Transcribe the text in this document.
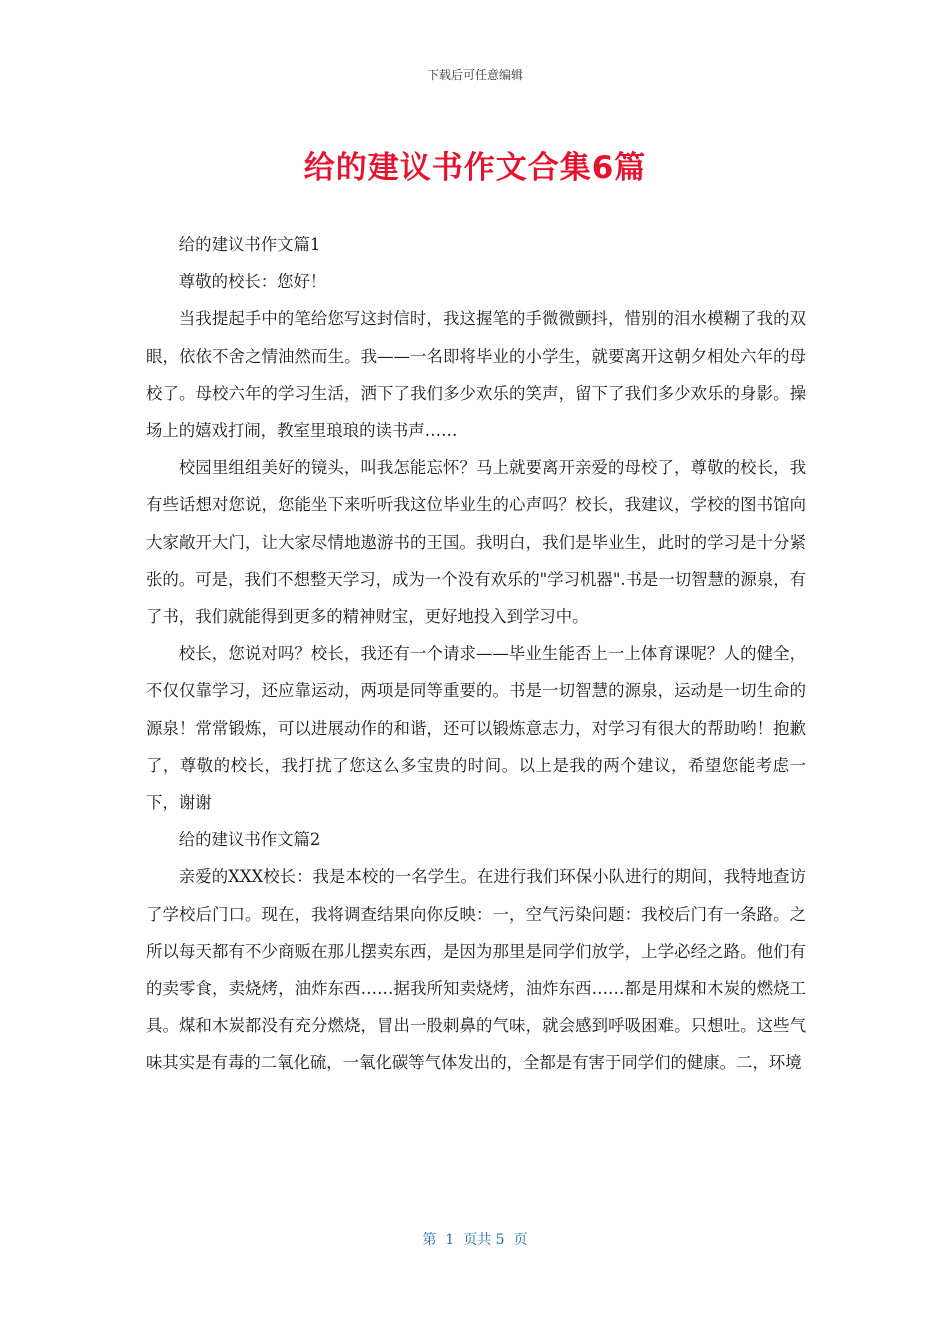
下载后可任意编辑
给的建议书作文合集6篇

给的建议书作文篇1

尊敬的校长：您好！

当我提起手中的笔给您写这封信时，我这握笔的手微微颤抖，惜别的泪水模糊了我的双眼，依依不舍之情油然而生。我——一名即将毕业的小学生，就要离开这朝夕相处六年的母校了。母校六年的学习生活，洒下了我们多少欢乐的笑声，留下了我们多少欢乐的身影。操场上的嬉戏打闹，教室里琅琅的读书声……

校园里组组美好的镜头，叫我怎能忘怀？马上就要离开亲爱的母校了，尊敬的校长，我有些话想对您说，您能坐下来听听我这位毕业生的心声吗？校长，我建议，学校的图书馆向大家敞开大门，让大家尽情地遨游书的王国。我明白，我们是毕业生，此时的学习是十分紧张的。可是，我们不想整天学习，成为一个没有欢乐的"学习机器".书是一切智慧的源泉，有了书，我们就能得到更多的精神财宝，更好地投入到学习中。

校长，您说对吗？校长，我还有一个请求——毕业生能否上一上体育课呢？人的健全，不仅仅靠学习，还应靠运动，两项是同等重要的。书是一切智慧的源泉，运动是一切生命的源泉！常常锻炼，可以进展动作的和谐，还可以锻炼意志力，对学习有很大的帮助哟！抱歉了，尊敬的校长，我打扰了您这么多宝贵的时间。以上是我的两个建议，希望您能考虑一下，谢谢

给的建议书作文篇2

亲爱的XXX校长：我是本校的一名学生。在进行我们环保小队进行的期间，我特地查访了学校后门口。现在，我将调查结果向你反映：一，空气污染问题：我校后门有一条路。之所以每天都有不少商贩在那儿摆卖东西，是因为那里是同学们放学，上学必经之路。他们有的卖零食，卖烧烤，油炸东西……据我所知卖烧烤，油炸东西……都是用煤和木炭的燃烧工具。煤和木炭都没有充分燃烧，冒出一股刺鼻的气味，就会感到呼吸困难。只想吐。这些气味其实是有毒的二氧化硫，一氧化碳等气体发出的，全都是有害于同学们的健康。二，环境

第  1  页共 5  页
